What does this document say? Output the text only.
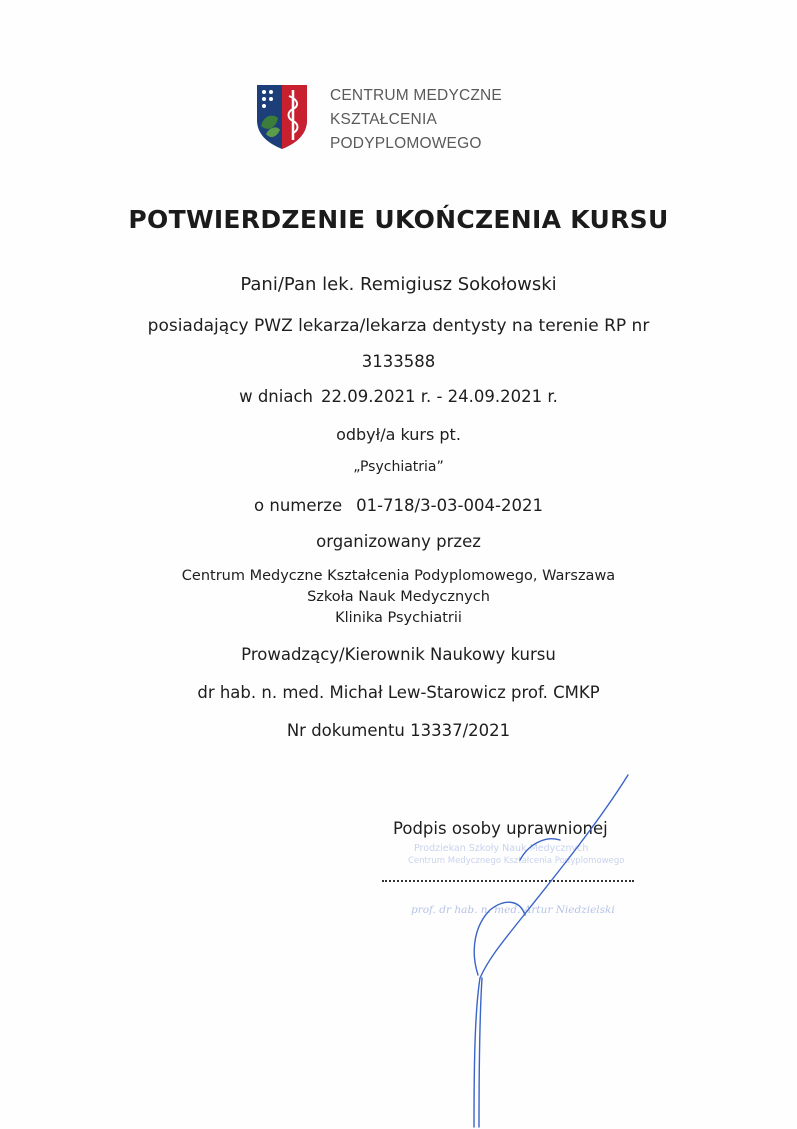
CENTRUM MEDYCZNE
KSZTAŁCENIA
PODYPLOMOWEGO
POTWIERDZENIE UKOŃCZENIA KURSU
Pani/Pan lek. Remigiusz Sokołowski
posiadający PWZ lekarza/lekarza dentysty na terenie RP nr
3133588
w dniach 22.09.2021 r. - 24.09.2021 r.
odbył/a kurs pt.
„Psychiatria”
o numerze 01-718/3-03-004-2021
organizowany przez
Centrum Medyczne Kształcenia Podyplomowego, Warszawa
Szkoła Nauk Medycznych
Klinika Psychiatrii
Prowadzący/Kierownik Naukowy kursu
dr hab. n. med. Michał Lew-Starowicz prof. CMKP
Nr dokumentu 13337/2021
Podpis osoby uprawnionej
Prodziekan Szkoły Nauk Medycznych
Centrum Medycznego Kształcenia Podyplomowego
prof. dr hab. n. med. Artur Niedzielski
